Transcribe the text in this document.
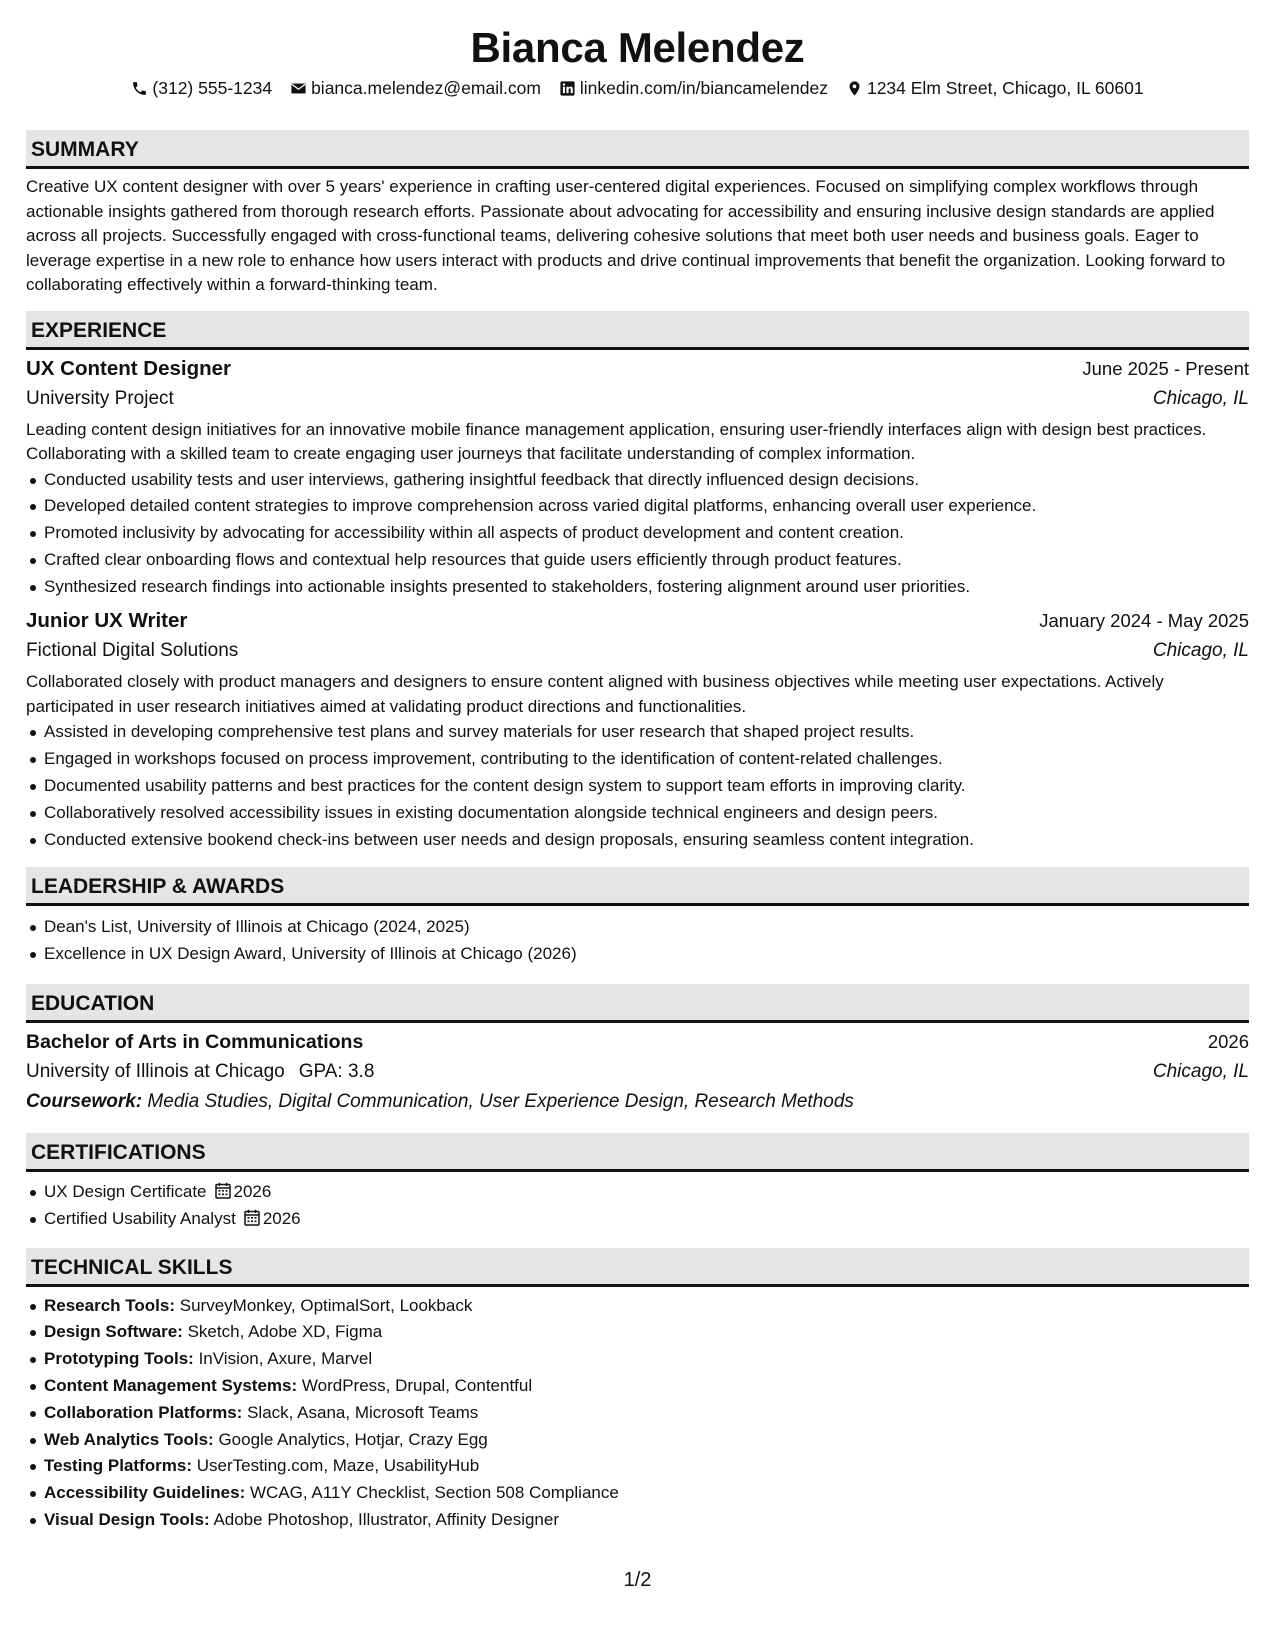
Bianca Melendez
(312) 555-1234 bianca.melendez@email.com linkedin.com/in/biancamelendez 1234 Elm Street, Chicago, IL 60601
SUMMARY
Creative UX content designer with over 5 years' experience in crafting user-centered digital experiences. Focused on simplifying complex workflows through actionable insights gathered from thorough research efforts. Passionate about advocating for accessibility and ensuring inclusive design standards are applied across all projects. Successfully engaged with cross-functional teams, delivering cohesive solutions that meet both user needs and business goals. Eager to leverage expertise in a new role to enhance how users interact with products and drive continual improvements that benefit the organization. Looking forward to collaborating effectively within a forward-thinking team.
EXPERIENCE
UX Content Designer	June 2025 - Present
University Project	Chicago, IL
Leading content design initiatives for an innovative mobile finance management application, ensuring user-friendly interfaces align with design best practices. Collaborating with a skilled team to create engaging user journeys that facilitate understanding of complex information.
Conducted usability tests and user interviews, gathering insightful feedback that directly influenced design decisions.
Developed detailed content strategies to improve comprehension across varied digital platforms, enhancing overall user experience.
Promoted inclusivity by advocating for accessibility within all aspects of product development and content creation.
Crafted clear onboarding flows and contextual help resources that guide users efficiently through product features.
Synthesized research findings into actionable insights presented to stakeholders, fostering alignment around user priorities.
Junior UX Writer	January 2024 - May 2025
Fictional Digital Solutions	Chicago, IL
Collaborated closely with product managers and designers to ensure content aligned with business objectives while meeting user expectations. Actively participated in user research initiatives aimed at validating product directions and functionalities.
Assisted in developing comprehensive test plans and survey materials for user research that shaped project results.
Engaged in workshops focused on process improvement, contributing to the identification of content-related challenges.
Documented usability patterns and best practices for the content design system to support team efforts in improving clarity.
Collaboratively resolved accessibility issues in existing documentation alongside technical engineers and design peers.
Conducted extensive bookend check-ins between user needs and design proposals, ensuring seamless content integration.
LEADERSHIP & AWARDS
Dean's List, University of Illinois at Chicago (2024, 2025)
Excellence in UX Design Award, University of Illinois at Chicago (2026)
EDUCATION
Bachelor of Arts in Communications	2026
University of Illinois at Chicago GPA: 3.8	Chicago, IL
Coursework: Media Studies, Digital Communication, User Experience Design, Research Methods
CERTIFICATIONS
UX Design Certificate 2026
Certified Usability Analyst 2026
TECHNICAL SKILLS
Research Tools: SurveyMonkey, OptimalSort, Lookback
Design Software: Sketch, Adobe XD, Figma
Prototyping Tools: InVision, Axure, Marvel
Content Management Systems: WordPress, Drupal, Contentful
Collaboration Platforms: Slack, Asana, Microsoft Teams
Web Analytics Tools: Google Analytics, Hotjar, Crazy Egg
Testing Platforms: UserTesting.com, Maze, UsabilityHub
Accessibility Guidelines: WCAG, A11Y Checklist, Section 508 Compliance
Visual Design Tools: Adobe Photoshop, Illustrator, Affinity Designer
1/2
